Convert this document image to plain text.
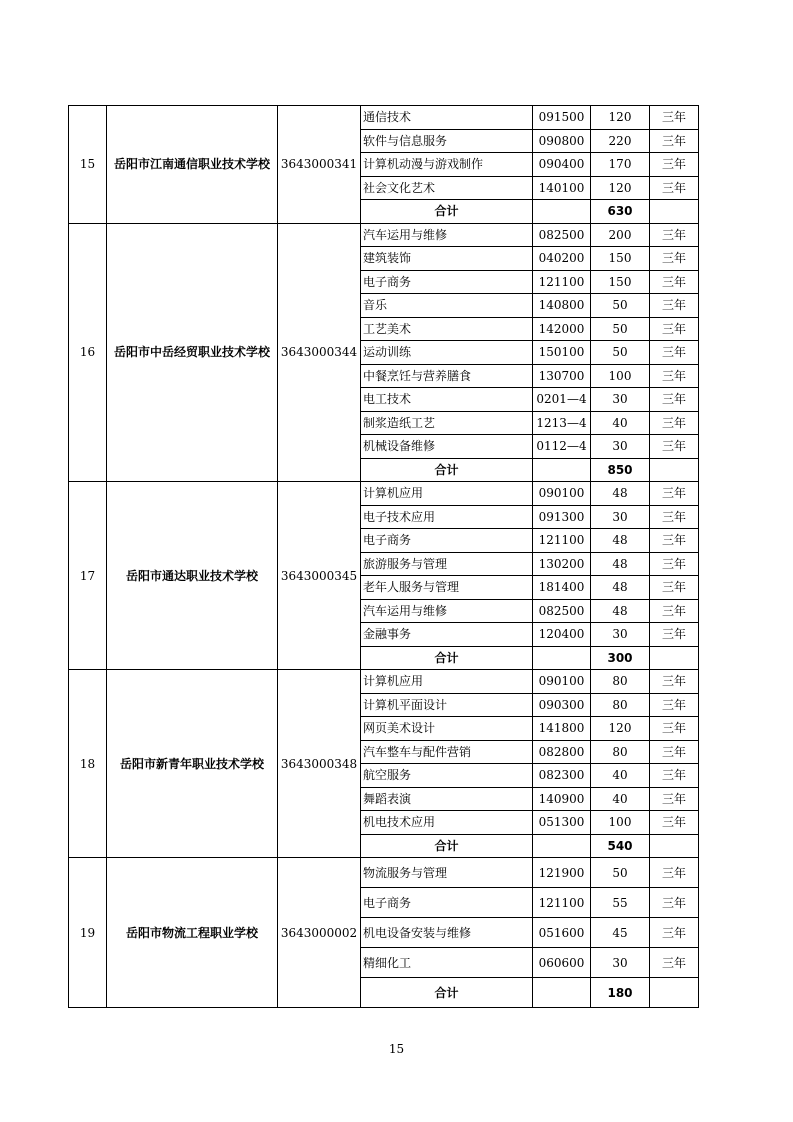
15	岳阳市江南通信职业技术学校	3643000341	通信技术	091500	120	三年
			软件与信息服务	090800	220	三年
			计算机动漫与游戏制作	090400	170	三年
			社会文化艺术	140100	120	三年
			合计		630	
16	岳阳市中岳经贸职业技术学校	3643000344	汽车运用与维修	082500	200	三年
			建筑装饰	040200	150	三年
			电子商务	121100	150	三年
			音乐	140800	50	三年
			工艺美术	142000	50	三年
			运动训练	150100	50	三年
			中餐烹饪与营养膳食	130700	100	三年
			电工技术	0201—4	30	三年
			制浆造纸工艺	1213—4	40	三年
			机械设备维修	0112—4	30	三年
			合计		850	
17	岳阳市通达职业技术学校	3643000345	计算机应用	090100	48	三年
			电子技术应用	091300	30	三年
			电子商务	121100	48	三年
			旅游服务与管理	130200	48	三年
			老年人服务与管理	181400	48	三年
			汽车运用与维修	082500	48	三年
			金融事务	120400	30	三年
			合计		300	
18	岳阳市新青年职业技术学校	3643000348	计算机应用	090100	80	三年
			计算机平面设计	090300	80	三年
			网页美术设计	141800	120	三年
			汽车整车与配件营销	082800	80	三年
			航空服务	082300	40	三年
			舞蹈表演	140900	40	三年
			机电技术应用	051300	100	三年
			合计		540	
19	岳阳市物流工程职业学校	3643000002	物流服务与管理	121900	50	三年
			电子商务	121100	55	三年
			机电设备安装与维修	051600	45	三年
			精细化工	060600	30	三年
			合计		180	
15
